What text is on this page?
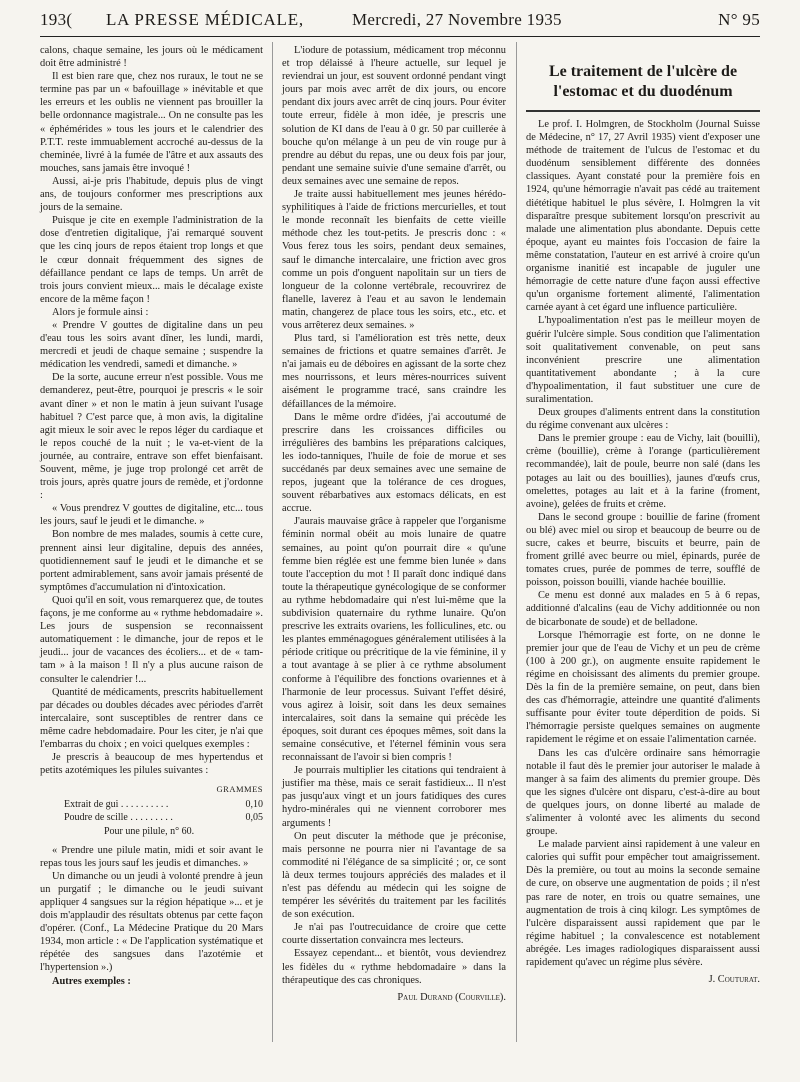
193( LA PRESSE MÉDICALE,	Mercredi, 27 Novembre 1935	N° 95

calons, chaque semaine, les jours où le médicament doit être administré !

Il est bien rare que, chez nos ruraux, le tout ne se termine pas par un « bafouillage » inévitable et que les erreurs et les oublis ne viennent pas brouiller la belle ordonnance magistrale... On ne consulte pas les « éphémérides » tous les jours et le calendrier des P.T.T. reste immuablement accroché au-dessus de la cheminée, livré à la fumée de l'âtre et aux assauts des mouches, sans jamais être invoqué !

Aussi, ai-je pris l'habitude, depuis plus de vingt ans, de toujours conformer mes prescriptions aux jours de la semaine.

Puisque je cite en exemple l'administration de la dose d'entretien digitalique, j'ai remarqué souvent que les cinq jours de repos étaient trop longs et que le cœur donnait fréquemment des signes de défaillance pendant ce laps de temps. Un arrêt de trois jours convient mieux... mais le décalage existe encore de la même façon !

Alors je formule ainsi :

« Prendre V gouttes de digitaline dans un peu d'eau tous les soirs avant dîner, les lundi, mardi, mercredi et jeudi de chaque semaine ; suspendre la médication les vendredi, samedi et dimanche. »

De la sorte, aucune erreur n'est possible. Vous me demanderez, peut-être, pourquoi je prescris « le soir avant dîner » et non le matin à jeun suivant l'usage habituel ? C'est parce que, à mon avis, la digitaline agit mieux le soir avec le repos léger du cardiaque et le repos couché de la nuit ; le va-et-vient de la journée, au contraire, entrave son effet bienfaisant. Souvent, même, je juge trop prolongé cet arrêt de trois jours, après quatre jours de remède, et j'ordonne :

« Vous prendrez V gouttes de digitaline, etc... tous les jours, sauf le jeudi et le dimanche. »

Bon nombre de mes malades, soumis à cette cure, prennent ainsi leur digitaline, depuis des années, quotidiennement sauf le jeudi et le dimanche et se portent admirablement, sans avoir jamais présenté de symptômes d'accumulation ni d'intoxication.

Quoi qu'il en soit, vous remarquerez que, de toutes façons, je me conforme au « rythme hebdomadaire ». Les jours de suspension se reconnaissent automatiquement : le dimanche, jour de repos et le jeudi... jour de vacances des écoliers... et de « tam-tam » à la maison ! Il n'y a plus aucune raison de consulter le calendrier !...

Quantité de médicaments, prescrits habituellement par décades ou doubles décades avec périodes d'arrêt intercalaire, sont susceptibles de rentrer dans ce même cadre hebdomadaire. Pour les citer, je n'ai que l'embarras du choix ; en voici quelques exemples :

Je prescris à beaucoup de mes hypertendus et petits azotémiques les pilules suivantes :

GRAMMES
Extrait de gui . . . . . . . . . .	0,10
Poudre de scille . . . . . . . . .	0,05
Pour une pilule, n° 60.

« Prendre une pilule matin, midi et soir avant le repas tous les jours sauf les jeudis et dimanches. »

Un dimanche ou un jeudi à volonté prendre à jeun un purgatif ; le dimanche ou le jeudi suivant appliquer 4 sangsues sur la région hépatique »... et je dois m'applaudir des résultats obtenus par cette façon d'opérer. (Conf., La Médecine Pratique du 20 Mars 1934, mon article : « De l'application systématique et répétée des sangsues dans l'azotémie et l'hypertension ».)

Autres exemples :

L'iodure de potassium, médicament trop méconnu et trop délaissé à l'heure actuelle, sur lequel je reviendrai un jour, est souvent ordonné pendant vingt jours par mois avec arrêt de dix jours, ou encore pendant dix jours avec arrêt de cinq jours. Pour éviter toute erreur, fidèle à mon idée, je prescris une solution de KI dans de l'eau à 0 gr. 50 par cuillerée à bouche qu'on mélange à un peu de vin rouge pur à prendre au début du repas, une ou deux fois par jour, pendant une semaine suivie d'une semaine d'arrêt, ou deux semaines avec une semaine de repos.

Je traite aussi habituellement mes jeunes hérédo-syphilitiques à l'aide de frictions mercurielles, et tout le monde reconnaît les bienfaits de cette vieille méthode chez les tout-petits. Je prescris donc : « Vous ferez tous les soirs, pendant deux semaines, sauf le dimanche intercalaire, une friction avec gros comme un pois d'onguent napolitain sur un tiers de longueur de la colonne vertébrale, recouvrirez de flanelle, laverez à l'eau et au savon le lendemain matin, changerez de place tous les soirs, etc., etc. et vous arrêterez deux semaines. »

Plus tard, si l'amélioration est très nette, deux semaines de frictions et quatre semaines d'arrêt. Je n'ai jamais eu de déboires en agissant de la sorte chez mes nourrissons, et leurs mères-nourrices suivent aisément le programme tracé, sans craindre les défaillances de la mémoire.

Dans le même ordre d'idées, j'ai accoutumé de prescrire dans les croissances difficiles ou irrégulières des bambins les préparations calciques, les iodo-tanniques, l'huile de foie de morue et ses succédanés par deux semaines avec une semaine de repos, jugeant que la tolérance de ces drogues, souvent rébarbatives aux estomacs délicats, en est accrue.

J'aurais mauvaise grâce à rappeler que l'organisme féminin normal obéit au mois lunaire de quatre semaines, au point qu'on pourrait dire « qu'une femme bien réglée est une femme bien lunée » dans toute l'acception du mot ! Il paraît donc indiqué dans toute la thérapeutique gynécologique de se conformer au rythme hebdomadaire qui n'est lui-même que la subdivision quaternaire du rythme lunaire. Qu'on prescrive les extraits ovariens, les folliculines, etc. ou les plantes emménagogues généralement utilisées à la période critique ou précritique de la vie féminine, il y a tout avantage à se plier à ce rythme absolument conforme à l'équilibre des fonctions ovariennes et à l'harmonie de leur processus. Suivant l'effet désiré, vous agirez à loisir, soit dans les deux semaines intercalaires, soit dans la semaine qui précède les époques, soit durant ces époques mêmes, soit dans la semaine consécutive, et l'éternel féminin vous sera reconnaissant de l'avoir si bien compris !

Je pourrais multiplier les citations qui tendraient à justifier ma thèse, mais ce serait fastidieux... Il n'est pas jusqu'aux vingt et un jours fatidiques des cures hydro-minérales qui ne viennent corroborer mes arguments !

On peut discuter la méthode que je préconise, mais personne ne pourra nier ni l'avantage de sa commodité ni l'élégance de sa simplicité ; or, ce sont là deux termes toujours appréciés des malades et il n'est pas défendu au médecin qui les soigne de tempérer les sévérités du traitement par les facilités de son exécution.

Je n'ai pas l'outrecuidance de croire que cette courte dissertation convaincra mes lecteurs.

Essayez cependant... et bientôt, vous deviendrez les fidèles du « rythme hebdomadaire » dans la thérapeutique des cas chroniques.

Paul Durand (Courville).
Le traitement de l'ulcère de l'estomac et du duodénum

Le prof. I. Holmgren, de Stockholm (Journal Suisse de Médecine, n° 17, 27 Avril 1935) vient d'exposer une méthode de traitement de l'ulcus de l'estomac et du duodénum sensiblement différente des données classiques. Ayant constaté pour la première fois en 1924, qu'une hémorragie n'avait pas cédé au traitement diététique habituel le plus sévère, I. Holmgren la vit disparaître presque subitement lorsqu'on prescrivit au malade une alimentation plus abondante. Depuis cette époque, ayant eu maintes fois l'occasion de faire la même constatation, l'auteur en est arrivé à croire qu'un organisme inanitié est incapable de juguler une hémorragie de cette nature d'une façon aussi effective qu'un organisme fortement alimenté, l'alimentation carnée ayant à cet égard une influence particulière.

L'hypoalimentation n'est pas le meilleur moyen de guérir l'ulcère simple. Sous condition que l'alimentation soit qualitativement convenable, on peut sans inconvénient prescrire une alimentation quantitativement abondante ; à la cure d'hypoalimentation, il faut substituer une cure de suralimentation.

Deux groupes d'aliments entrent dans la constitution du régime convenant aux ulcères :

Dans le premier groupe : eau de Vichy, lait (bouilli), crème (bouillie), crème à l'orange (particulièrement recommandée), lait de poule, beurre non salé (dans les potages au lait ou des bouillies), jaunes d'œufs crus, omelettes, potages au lait et à la farine (froment, avoine), gelées de fruits et crème.

Dans le second groupe : bouillie de farine (froment ou blé) avec miel ou sirop et beaucoup de beurre ou de sucre, cakes et beurre, biscuits et beurre, pain de froment grillé avec beurre ou miel, épinards, purée de tomates crues, purée de pommes de terre, soufflé de poisson, poisson bouilli, viande hachée bouillie.

Ce menu est donné aux malades en 5 à 6 repas, additionné d'alcalins (eau de Vichy additionnée ou non de bicarbonate de soude) et de belladone.

Lorsque l'hémorragie est forte, on ne donne le premier jour que de l'eau de Vichy et un peu de crème (100 à 200 gr.), on augmente ensuite rapidement le régime en choisissant des aliments du premier groupe. Dès la fin de la première semaine, on peut, dans bien des cas d'hémorragie, atteindre une quantité d'aliments suffisante pour éviter toute déperdition de poids. Si l'hémorragie persiste quelques semaines on augmente rapidement le régime et on essaie l'alimentation carnée.

Dans les cas d'ulcère ordinaire sans hémorragie notable il faut dès le premier jour autoriser le malade à manger à sa faim des aliments du premier groupe. Dès que les signes d'ulcère ont disparu, c'est-à-dire au bout de quelques jours, on donne liberté au malade de s'alimenter à volonté avec les aliments du second groupe.

Le malade parvient ainsi rapidement à une valeur en calories qui suffit pour empêcher tout amaigrissement. Dès la première, ou tout au moins la seconde semaine de cure, on observe une augmentation de poids ; il n'est pas rare de noter, en trois ou quatre semaines, une augmentation de trois à cinq kilogr. Les symptômes de l'ulcère disparaissent aussi rapidement que par le régime habituel ; la convalescence est notablement abrégée. Les images radiologiques disparaissent aussi rapidement qu'avec un régime plus sévère.

J. Couturat.
